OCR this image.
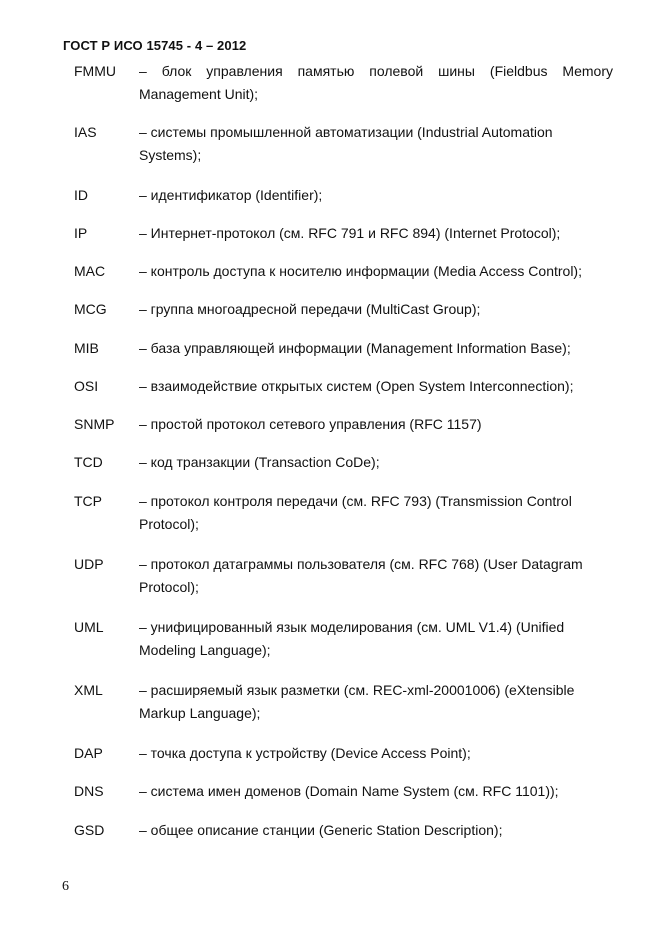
ГОСТ Р ИСО 15745 - 4 – 2012
FMMU – блок управления памятью полевой шины (Fieldbus Memory Management Unit);

IAS	– системы промышленной автоматизации (Industrial Automation Systems);

ID	– идентификатор (Identifier);

IP	– Интернет-протокол (см. RFC 791 и RFC 894) (Internet Protocol);

MAC – контроль доступа к носителю информации (Media Access Control);

MCG – группа многоадресной передачи (MultiCast Group);

MIB	– база управляющей информации (Management Information Base);

OSI	– взаимодействие открытых систем (Open System Interconnection);

SNMP – простой протокол сетевого управления (RFC 1157)

TCD	– код транзакции (Transaction CoDe);

TCP	– протокол контроля передачи (см. RFC 793) (Transmission Control Protocol);

UDP	– протокол датаграммы пользователя (см. RFC 768) (User Datagram Protocol);

UML	– унифицированный язык моделирования (см. UML V1.4) (Unified Modeling Language);

XML	– расширяемый язык разметки (см. REC-xml-20001006) (eXtensible Markup Language);

DAP	– точка доступа к устройству (Device Access Point);

DNS	– система имен доменов (Domain Name System (см. RFC 1101));

GSD – общее описание станции (Generic Station Description);

6
